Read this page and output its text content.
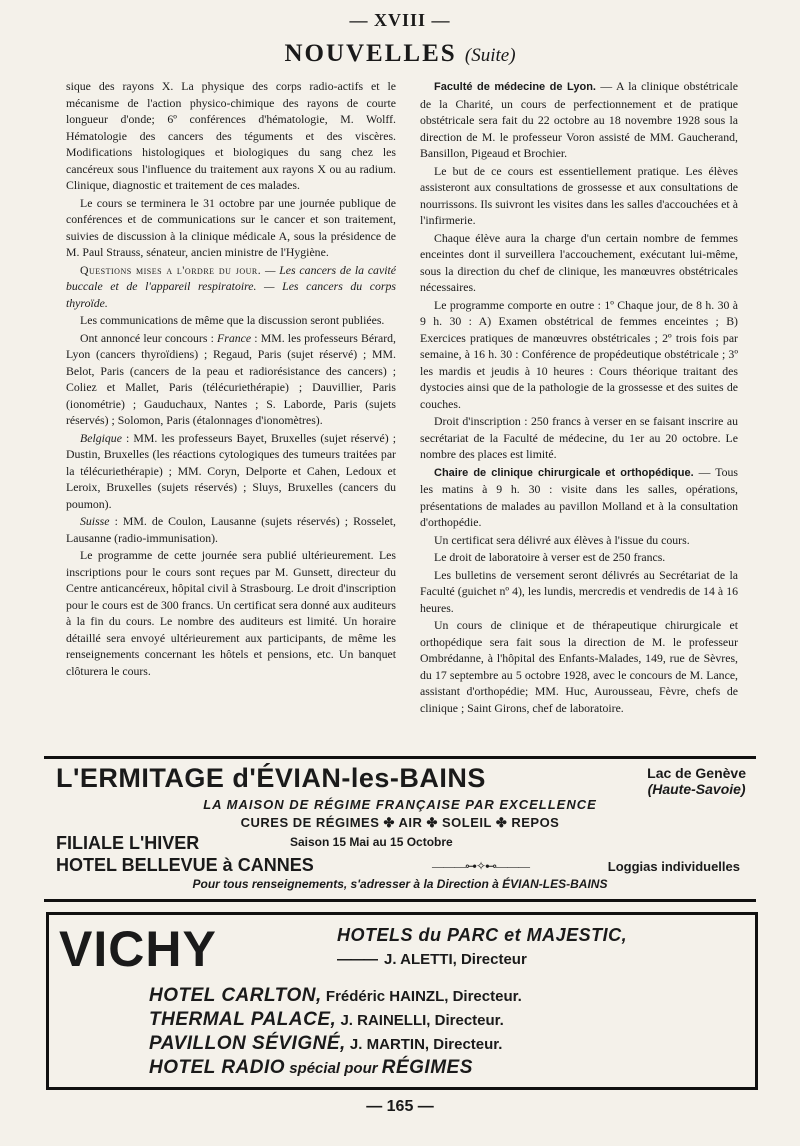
— XVIII —
NOUVELLES (Suite)

sique des rayons X. La physique des corps radio-actifs et le mécanisme de l'action physico-chimique des rayons de courte longueur d'onde; 6º conférences d'hématologie, M. Wolff. Hématologie des cancers des téguments et des viscères. Modifications histologiques et biologiques du sang chez les cancéreux sous l'influence du traitement aux rayons X ou au radium. Clinique, diagnostic et traitement de ces malades.

Le cours se terminera le 31 octobre par une journée publique de conférences et de communications sur le cancer et son traitement, suivies de discussion à la clinique médicale A, sous la présidence de M. Paul Strauss, sénateur, ancien ministre de l'Hygiène.

Questions mises a l'ordre du jour. — Les cancers de la cavité buccale et de l'appareil respiratoire. — Les cancers du corps thyroïde.

Les communications de même que la discussion seront publiées.

Ont annoncé leur concours : France : MM. les professeurs Bérard, Lyon (cancers thyroïdiens) ; Regaud, Paris (sujet réservé) ; MM. Belot, Paris (cancers de la peau et radiorésistance des cancers) ; Coliez et Mallet, Paris (télécuriethérapie) ; Dauvillier, Paris (ionométrie) ; Gauduchaux, Nantes ; S. Laborde, Paris (sujets réservés) ; Solomon, Paris (étalonnages d'ionomètres).

Belgique : MM. les professeurs Bayet, Bruxelles (sujet réservé) ; Dustin, Bruxelles (les réactions cytologiques des tumeurs traitées par la télécuriethérapie) ; MM. Coryn, Delporte et Cahen, Ledoux et Leroix, Bruxelles (sujets réservés) ; Sluys, Bruxelles (cancers du poumon).

Suisse : MM. de Coulon, Lausanne (sujets réservés) ; Rosselet, Lausanne (radio-immunisation).

Le programme de cette journée sera publié ultérieurement. Les inscriptions pour le cours sont reçues par M. Gunsett, directeur du Centre anticancéreux, hôpital civil à Strasbourg. Le droit d'inscription pour le cours est de 300 francs. Un certificat sera donné aux auditeurs à la fin du cours. Le nombre des auditeurs est limité. Un horaire détaillé sera envoyé ultérieurement aux participants, de même les renseignements concernant les hôtels et pensions, etc. Un banquet clôturera le cours.

Faculté de médecine de Lyon. — A la clinique obstétricale de la Charité, un cours de perfectionnement et de pratique obstétricale sera fait du 22 octobre au 18 novembre 1928 sous la direction de M. le professeur Voron assisté de MM. Gaucherand, Bansillon, Pigeaud et Brochier.

Le but de ce cours est essentiellement pratique. Les élèves assisteront aux consultations de grossesse et aux consultations de nourrissons. Ils suivront les visites dans les salles d'accouchées et à l'infirmerie.

Chaque élève aura la charge d'un certain nombre de femmes enceintes dont il surveillera l'accouchement, exécutant lui-même, sous la direction du chef de clinique, les manœuvres obstétricales nécessaires.

Le programme comporte en outre : 1º Chaque jour, de 8 h. 30 à 9 h. 30 : A) Examen obstétrical de femmes enceintes ; B) Exercices pratiques de manœuvres obstétricales ; 2º trois fois par semaine, à 16 h. 30 : Conférence de propédeutique obstétricale ; 3º les mardis et jeudis à 10 heures : Cours théorique traitant des dystocies ainsi que de la pathologie de la grossesse et des suites de couches.

Droit d'inscription : 250 francs à verser en se faisant inscrire au secrétariat de la Faculté de médecine, du 1er au 20 octobre. Le nombre des places est limité.

Chaire de clinique chirurgicale et orthopédique. — Tous les matins à 9 h. 30 : visite dans les salles, opérations, présentations de malades au pavillon Molland et à la consultation d'orthopédie.

Un certificat sera délivré aux élèves à l'issue du cours.

Le droit de laboratoire à verser est de 250 francs.

Les bulletins de versement seront délivrés au Secrétariat de la Faculté (guichet nº 4), les lundis, mercredis et vendredis de 14 à 16 heures.

Un cours de clinique et de thérapeutique chirurgicale et orthopédique sera fait sous la direction de M. le professeur Ombrédanne, à l'hôpital des Enfants-Malades, 149, rue de Sèvres, du 17 septembre au 5 octobre 1928, avec le concours de M. Lance, assistant d'orthopédie; MM. Huc, Aurousseau, Fèvre, chefs de clinique ; Saint Girons, chef de laboratoire.

L'ERMITAGE d'ÉVIAN-les-BAINS	Lac de Genève
(Haute-Savoie)
LA MAISON DE RÉGIME FRANÇAISE PAR EXCELLENCE
CURES DE RÉGIMES ✤ AIR ✤ SOLEIL ✤ REPOS
FILIALE L'HIVER	Saison 15 Mai au 15 Octobre
HOTEL BELLEVUE à CANNES	———⊶✧⊷———	Loggias individuelles
Pour tous renseignements, s'adresser à la Direction à ÉVIAN-LES-BAINS
VICHY	HOTELS du PARC et MAJESTIC,
——— J. ALETTI, Directeur
HOTEL CARLTON, Frédéric HAINZL, Directeur.
THERMAL PALACE, J. RAINELLI, Directeur.
PAVILLON SÉVIGNÉ, J. MARTIN, Directeur.
HOTEL RADIO spécial pour RÉGIMES
— 165 —
